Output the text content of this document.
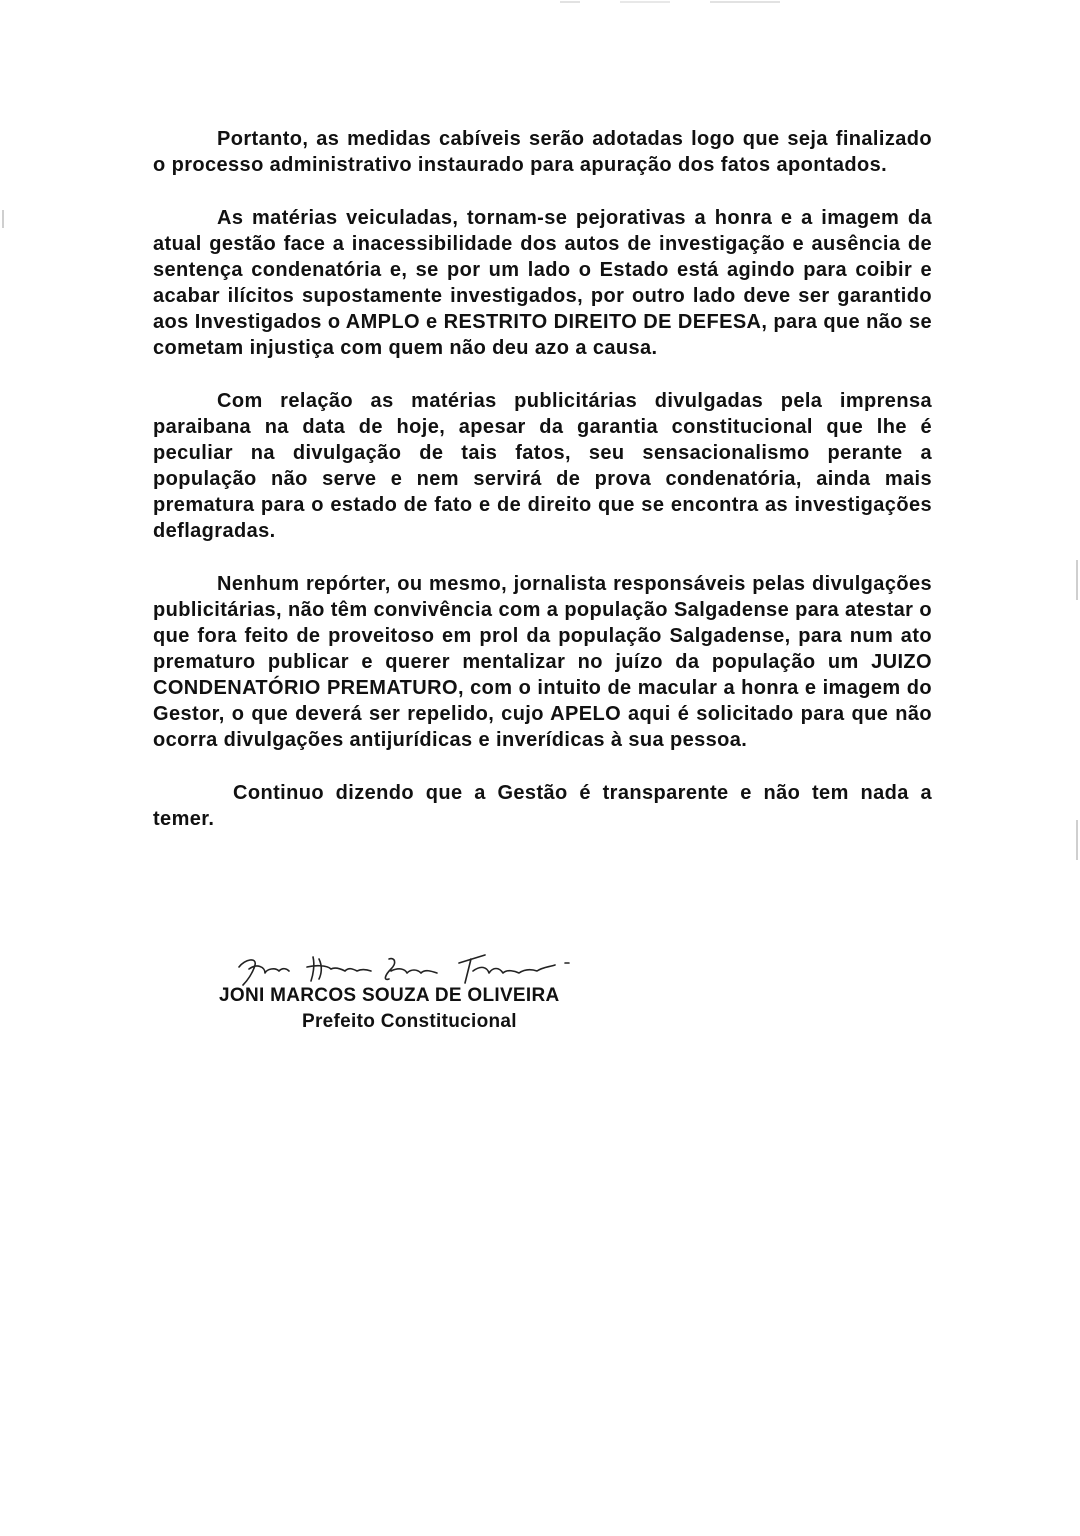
Portanto, as medidas cabíveis serão adotadas logo que seja finalizado o processo administrativo instaurado para apuração dos fatos apontados.

As matérias veiculadas, tornam-se pejorativas a honra e a imagem da atual gestão face a inacessibilidade dos autos de investigação e ausência de sentença condenatória e, se por um lado o Estado está agindo para coibir e acabar ilícitos supostamente investigados, por outro lado deve ser garantido aos Investigados o AMPLO e RESTRITO DIREITO DE DEFESA, para que não se cometam injustiça com quem não deu azo a causa.

Com relação as matérias publicitárias divulgadas pela imprensa paraibana na data de hoje, apesar da garantia constitucional que lhe é peculiar na divulgação de tais fatos, seu sensacionalismo perante a população não serve e nem servirá de prova condenatória, ainda mais prematura para o estado de fato e de direito que se encontra as investigações deflagradas.

Nenhum repórter, ou mesmo, jornalista responsáveis pelas divulgações publicitárias, não têm convivência com a população Salgadense para atestar o que fora feito de proveitoso em prol da população Salgadense, para num ato prematuro publicar e querer mentalizar no juízo da população um JUIZO CONDENATÓRIO PREMATURO, com o intuito de macular a honra e imagem do Gestor, o que deverá ser repelido, cujo APELO aqui é solicitado para que não ocorra divulgações antijurídicas e inverídicas à sua pessoa.

Continuo dizendo que a Gestão é transparente e não tem nada a temer.

JONI MARCOS SOUZA DE OLIVEIRA
Prefeito Constitucional
